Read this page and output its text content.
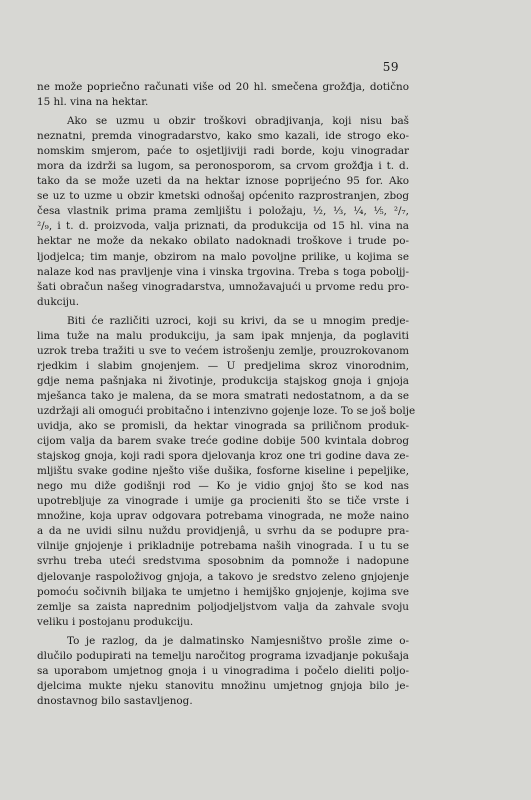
59
ne može popriečno računati više od 20 hl. smečena grožđja, dotično
15 hl. vina na hektar.
Ako se uzmu u obzir troškovi obradjivanja, koji nisu baš
neznatni, premda vinogradarstvo, kako smo kazali, ide strogo eko-
nomskim smjerom, paće to osjetljiviji radi borde, koju vinogradar
mora da izdrži sa lugom, sa peronosporom, sa crvom grožđja i t. d.
tako da se može uzeti da na hektar iznose poprijećno 95 for. Ako
se uz to uzme u obzir kmetski odnošaj općenito razprostranjen, zbog
česa vlastnik prima prama zemljištu i položaju, ½, ⅓, ¼, ⅕, ²/₇,
²/₉, i t. d. proizvoda, valja priznati, da produkcija od 15 hl. vina na
hektar ne može da nekako obilato nadoknadi troškove i trude po-
ljodjelca; tim manje, obzirom na malo povoljne prilike, u kojima se
nalaze kod nas pravljenje vina i vinska trgovina. Treba s toga poboljj-
šati obračun našeg vinogradarstva, umnožavajući u prvome redu pro-
dukciju.
Biti će različiti uzroci, koji su krivi, da se u mnogim predje-
lima tuže na malu produkciju, ja sam ipak mnjenja, da poglaviti
uzrok treba tražiti u sve to većem istrošenju zemlje, prouzrokovanom
rjedkim i slabim gnojenjem. — U predjelima skroz vinorodnim,
gdje nema pašnjaka ni životinje, produkcija stajskog gnoja i gnjoja
mješanca tako je malena, da se mora smatrati nedostatnom, a da se
uzdržaji ali omogući probitačno i intenzivno gojenje loze. To se još bolje
uvidja, ako se promisli, da hektar vinograda sa priličnom produk-
cijom valja da barem svake treće godine dobije 500 kvintala dobrog
stajskog gnoja, koji radi spora djelovanja kroz one tri godine dava ze-
mljištu svake godine nješto više dušika, fosforne kiseline i pepeljike,
nego mu diže godišnji rod — Ko je vidio gnjoj što se kod nas
upotrebljuje za vinograde i umije ga procieniti što se tiče vrste i
množine, koja uprav odgovara potrebama vinograda, ne može naino
a da ne uvidi silnu nuždu providjenjâ, u svrhu da se podupre pra-
vilnije gnjojenje i prikladnije potrebama naših vinograda. I u tu se
svrhu treba uteći sredstvıma sposobnim da pomnože i nadopune
djelovanje raspoloživog gnjoja, a takovo je sredstvo zeleno gnjojenje
pomoću sočivnih biljaka te umjetno i hemijško gnjojenje, kojima sve
zemlje sa zaista naprednim poljodjeljstvom valja da zahvale svoju
veliku i postojanu produkciju.
To je razlog, da je dalmatinsko Namjesništvo prošle zime o-
dlučilo podupirati na temelju naročitog programa izvadjanje pokušaja
sa uporabom umjetnog gnoja i u vinogradima i počelo dieliti poljo-
djelcima mukte njeku stanovitu množinu umjetnog gnjoja bilo je-
dnostavnog bilo sastavljenog.
